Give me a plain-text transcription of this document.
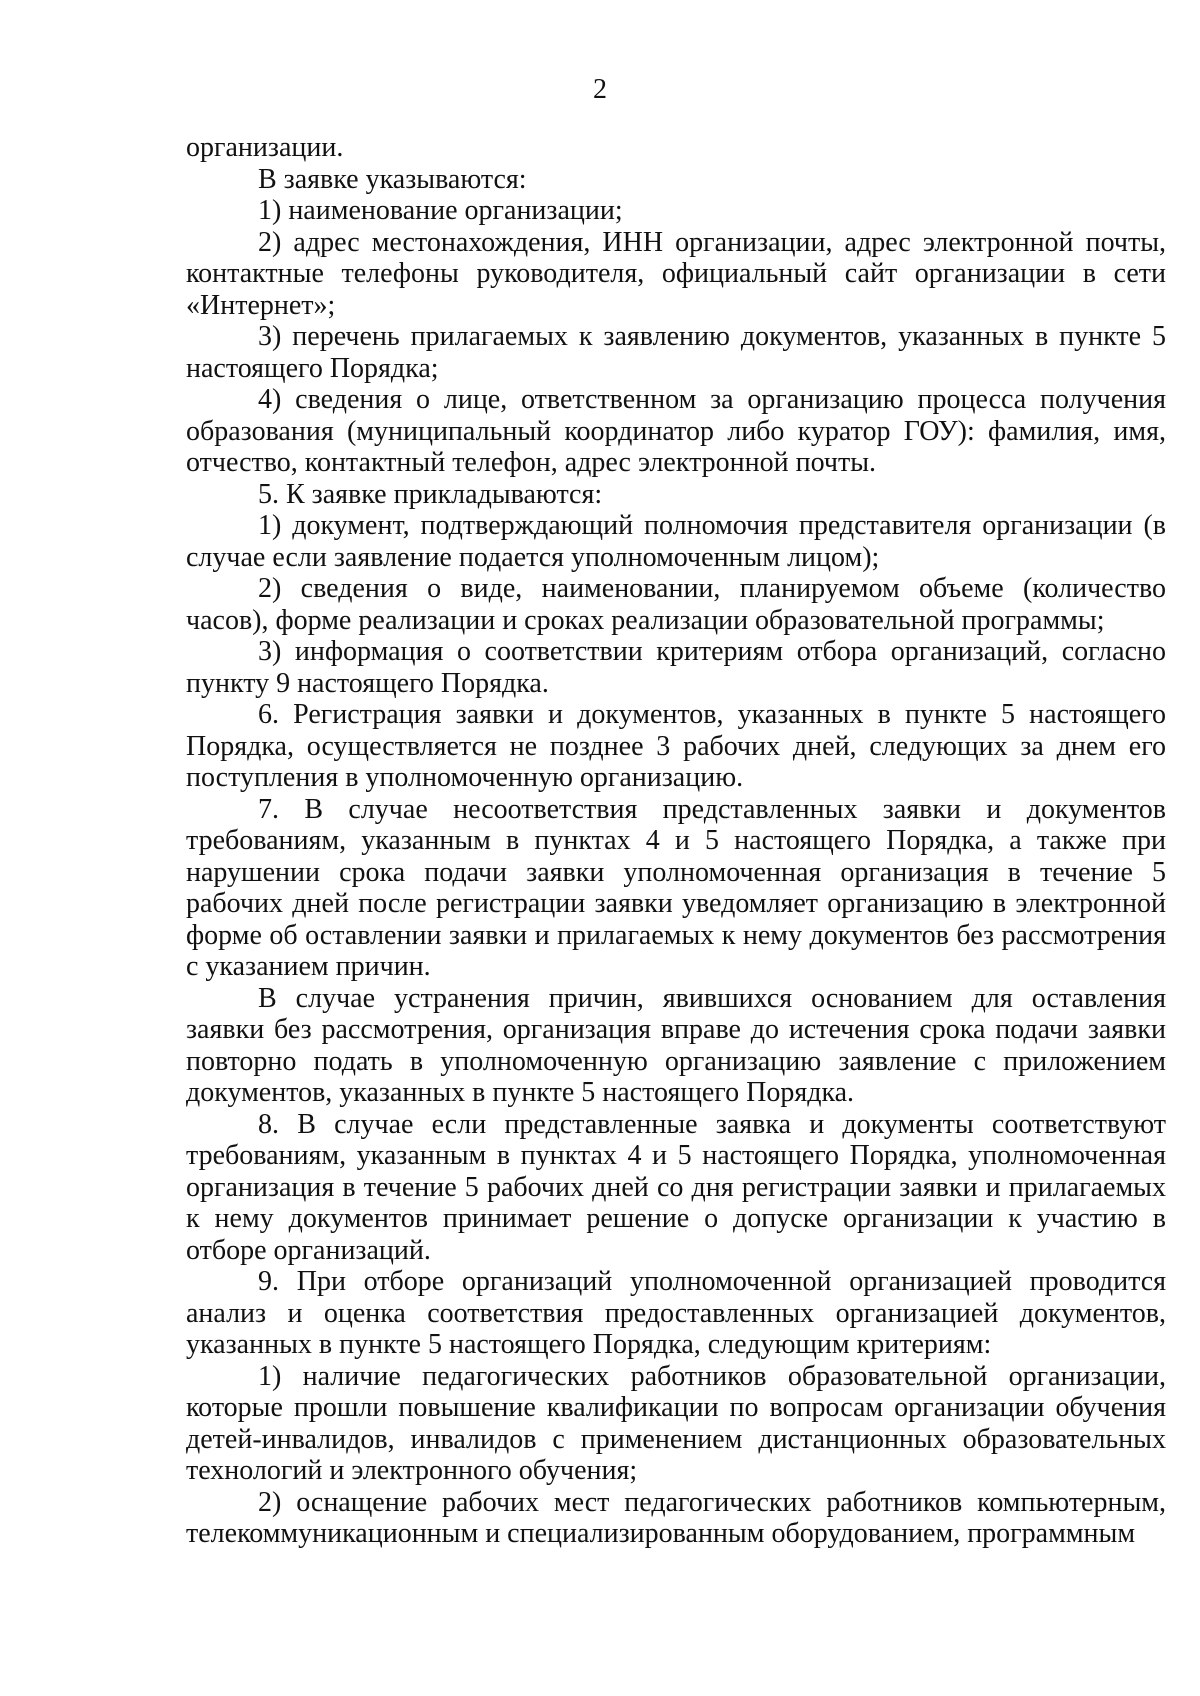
2

организации.

В заявке указываются:

1) наименование организации;

2) адрес местонахождения, ИНН организации, адрес электронной почты, контактные телефоны руководителя, официальный сайт организации в сети «Интернет»;

3) перечень прилагаемых к заявлению документов, указанных в пункте 5 настоящего Порядка;

4) сведения о лице, ответственном за организацию процесса получения образования (муниципальный координатор либо куратор ГОУ): фамилия, имя, отчество, контактный телефон, адрес электронной почты.

5. К заявке прикладываются:

1) документ, подтверждающий полномочия представителя организации (в случае если заявление подается уполномоченным лицом);

2) сведения о виде, наименовании, планируемом объеме (количество часов), форме реализации и сроках реализации образовательной программы;

3) информация о соответствии критериям отбора организаций, согласно пункту 9 настоящего Порядка.

6. Регистрация заявки и документов, указанных в пункте 5 настоящего Порядка, осуществляется не позднее 3 рабочих дней, следующих за днем его поступления в уполномоченную организацию.

7. В случае несоответствия представленных заявки и документов требованиям, указанным в пунктах 4 и 5 настоящего Порядка, а также при нарушении срока подачи заявки уполномоченная организация в течение 5 рабочих дней после регистрации заявки уведомляет организацию в электронной форме об оставлении заявки и прилагаемых к нему документов без рассмотрения с указанием причин.

В случае устранения причин, явившихся основанием для оставления заявки без рассмотрения, организация вправе до истечения срока подачи заявки повторно подать в уполномоченную организацию заявление с приложением документов, указанных в пункте 5 настоящего Порядка.

8. В случае если представленные заявка и документы соответствуют требованиям, указанным в пунктах 4 и 5 настоящего Порядка, уполномоченная организация в течение 5 рабочих дней со дня регистрации заявки и прилагаемых к нему документов принимает решение о допуске организации к участию в отборе организаций.

9. При отборе организаций уполномоченной организацией проводится анализ и оценка соответствия предоставленных организацией документов, указанных в пункте 5 настоящего Порядка, следующим критериям:

1) наличие педагогических работников образовательной организации, которые прошли повышение квалификации по вопросам организации обучения детей-инвалидов, инвалидов с применением дистанционных образовательных технологий и электронного обучения;

2) оснащение рабочих мест педагогических работников компьютерным, телекоммуникационным и специализированным оборудованием, программным
